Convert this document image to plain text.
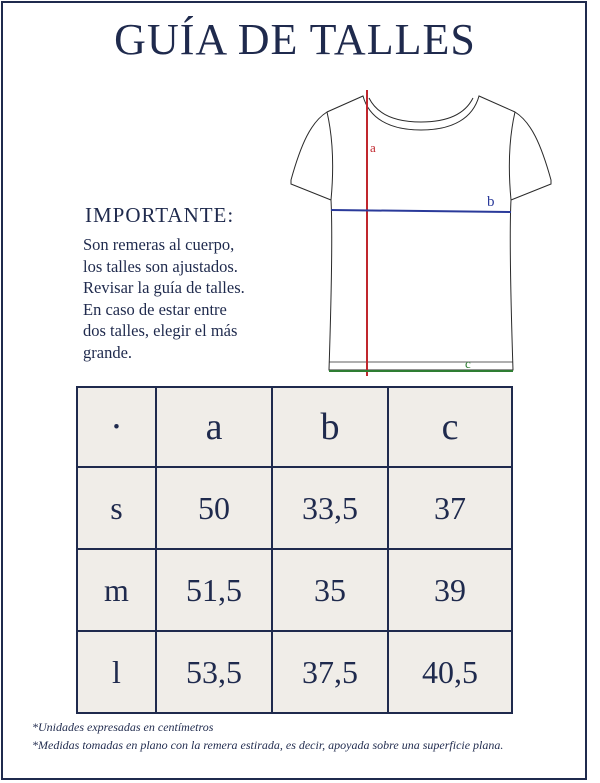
GUÍA DE TALLES
a
b
c
IMPORTANTE:
Son remeras al cuerpo,
los talles son ajustados.
Revisar la guía de talles.
En caso de estar entre
dos talles, elegir el más
grande.
·	a	b	c
s	50	33,5	37
m	51,5	35	39
l	53,5	37,5	40,5
*Unidades expresadas en centímetros
*Medidas tomadas en plano con la remera estirada, es decir, apoyada sobre una superficie plana.
